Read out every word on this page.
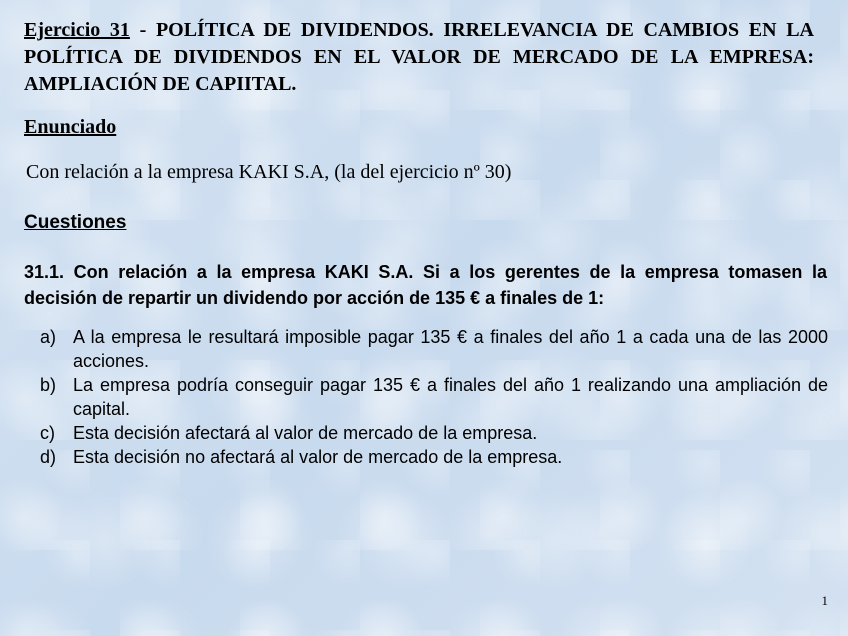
Ejercicio 31 - POLÍTICA DE DIVIDENDOS. IRRELEVANCIA DE CAMBIOS EN LA POLÍTICA DE DIVIDENDOS EN EL VALOR DE MERCADO DE LA EMPRESA: AMPLIACIÓN DE CAPIITAL.

Enunciado

Con relación a la empresa KAKI S.A, (la del ejercicio nº 30)

Cuestiones

31.1. Con relación a la empresa KAKI S.A. Si a los gerentes de la empresa tomasen la decisión de repartir un dividendo por acción de 135 € a finales de 1:

a) A la empresa le resultará imposible pagar 135 € a finales del año 1 a cada una de las 2000 acciones.
b) La empresa podría conseguir pagar 135 € a finales del año 1 realizando una ampliación de capital.
c) Esta decisión afectará al valor de mercado de la empresa.
d) Esta decisión no afectará al valor de mercado de la empresa.
1
